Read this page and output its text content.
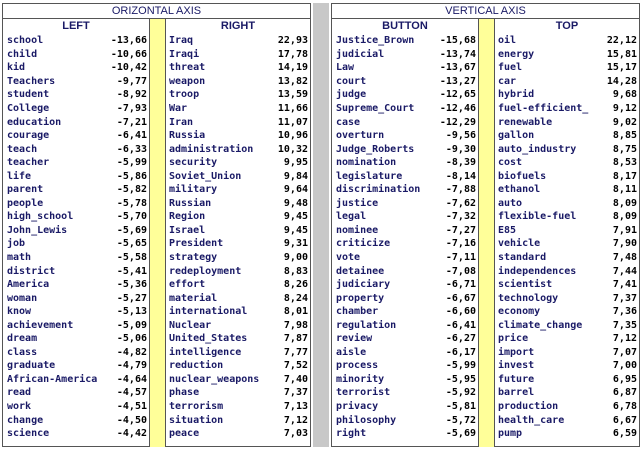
ORIZONTAL AXIS
LEFT	RIGHT
school	-13,66
child	-10,66
kid	-10,42
Teachers	-9,77
student	-8,92
College	-7,93
education	-7,21
courage	-6,41
teach	-6,33
teacher	-5,99
life	-5,86
parent	-5,82
people	-5,78
high_school	-5,70
John_Lewis	-5,69
job	-5,65
math	-5,58
district	-5,41
America	-5,36
woman	-5,27
know	-5,13
achievement	-5,09
dream	-5,06
class	-4,82
graduate	-4,79
African-America -4,64
read	-4,57
work	-4,51
change	-4,50
science	-4,42
Iraq	22,93
Iraqi	17,78
threat	14,19
weapon	13,82
troop	13,59
War	11,66
Iran	11,07
Russia	10,96
administration 10,32
security	9,95
Soviet_Union	9,84
military	9,64
Russian	9,48
Region	9,45
Israel	9,45
President	9,31
strategy	9,00
redeployment	8,83
effort	8,26
material	8,24
international	8,01
Nuclear	7,98
United_States	7,87
intelligence	7,77
reduction	7,52
nuclear_weapons 7,40
phase	7,37
terrorism	7,13
situation	7,12
peace	7,03
VERTICAL AXIS
BUTTON	TOP
Justice_Brown	-15,68
judicial	-13,74
Law	-13,67
court	-13,27
judge	-12,65
Supreme_Court	-12,46
case	-12,29
overturn	-9,56
Judge_Roberts	-9,30
nomination	-8,39
legislature	-8,14
discrimination	-7,88
justice	-7,62
legal	-7,32
nominee	-7,27
criticize	-7,16
vote	-7,11
detainee	-7,08
judiciary	-6,71
property	-6,67
chamber	-6,60
regulation	-6,41
review	-6,27
aisle	-6,17
process	-5,99
minority	-5,95
terrorist	-5,92
privacy	-5,81
philosophy	-5,72
right	-5,69
oil	22,12
energy	15,81
fuel	15,17
car	14,28
hybrid	9,68
fuel-efficient_ 9,12
renewable	9,02
gallon	8,85
auto_industry	8,75
cost	8,53
biofuels	8,17
ethanol	8,11
auto	8,09
flexible-fuel	8,09
E85	7,91
vehicle	7,90
standard	7,48
independences	7,44
scientist	7,41
technology	7,37
economy	7,36
climate_change	7,35
price	7,12
import	7,07
invest	7,00
future	6,95
barrel	6,87
production	6,78
health_care	6,67
pump	6,59
